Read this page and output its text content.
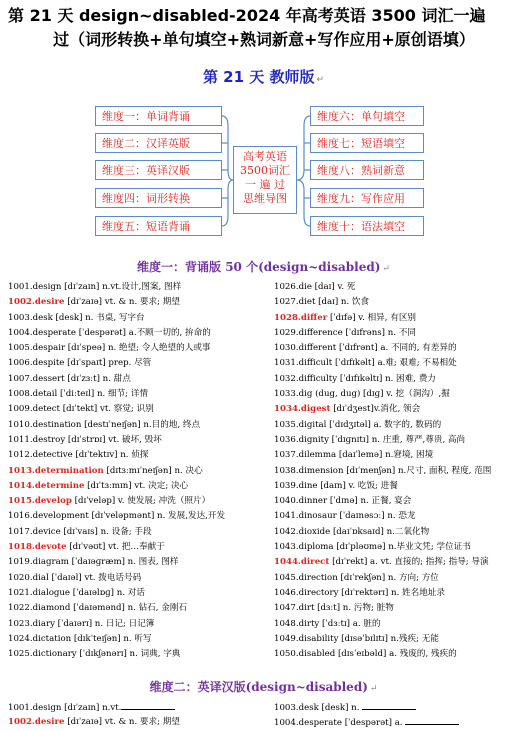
第 21 天 design~disabled-2024 年高考英语 3500 词汇一遍
过（词形转换+单句填空+熟词新意+写作应用+原创语填）
第 21 天 教师版 ↵
维度一：单词背诵
维度二：汉译英版
维度三：英译汉版
维度四：词形转换
维度五：短语背诵
高考英语
3500词汇
一 遍 过
思维导图
维度六：单句填空
维度七：短语填空
维度八：熟词新意
维度九：写作应用
维度十：语法填空
维度一：背诵版 50 个(design~disabled) ↵
1001.design [dɪˈzaɪn] n.vt.设计,图案, 图样
1002.desire [dɪˈzaɪə] vt. & n. 要求; 期望
1003.desk [desk] n. 书桌, 写字台
1004.desperate [ˈdespərət] a.不顾一切的, 拚命的
1005.despair [dɪˈspeə] n. 绝望; 令人绝望的人或事
1006.despite [dɪˈspaɪt] prep. 尽管
1007.dessert [dɪˈzɜːt] n. 甜点
1008.detail [ˈdiːteɪl] n. 细节; 详情
1009.detect [dɪˈtekt] vt. 察觉; 识别
1010.destination [destɪˈneɪʃən] n.目的地, 终点
1011.destroy [dɪˈstrɒɪ] vt. 破坏, 毁坏
1012.detective [dɪˈtektɪv] n. 侦探
1013.determination [dɪtɜːmɪˈneɪʃən] n. 决心
1014.determine [dɪˈtɜːmɪn] vt. 决定; 决心
1015.develop [dɪˈveləp] v. 使发展; 冲洗（照片）
1016.development [dɪˈveləpmənt] n. 发展,发达,开发
1017.device [dɪˈvaɪs] n. 设备; 手段
1018.devote [dɪˈvəʊt] vt. 把…奉献于
1019.diagram [ˈdaɪəɡræm] n. 图表, 图样
1020.dial [ˈdaɪəl] vt. 拨电话号码
1021.dialogue [ˈdaɪəlɒɡ] n. 对话
1022.diamond [ˈdaɪəmənd] n. 钻石, 金刚石
1023.diary [ˈdaɪərɪ] n. 日记; 日记簿
1024.dictation [dɪkˈteɪʃən] n. 听写
1025.dictionary [ˈdɪkʃənərɪ] n. 词典, 字典
1026.die [daɪ] v. 死
1027.diet [daɪ] n. 饮食
1028.differ [ˈdɪfə] v. 相异, 有区别
1029.difference [ˈdɪfrəns] n. 不同
1030.different [ˈdɪfrənt] a. 不同的, 有差异的
1031.difficult [ˈdɪfɪkəlt] a.难; 艰难; 不易相处
1032.difficulty [ˈdɪfɪkəltɪ] n. 困难, 费力
1033.dig (dug, dug) [dɪɡ] v. 挖（洞沟）,掘
1034.digest [dɪˈdʒest]v.消化, 领会
1035.digital [ˈdɪdʒɪtəl] a. 数字的, 数码的
1036.dignity [ˈdɪɡnɪtɪ] n. 庄重, 尊严,尊贵, 高尚
1037.dilemma [daɪˈlemə] n.窘境, 困境
1038.dimension [dɪˈmenʃən] n.尺寸, 面积, 程度, 范围
1039.dine [daɪn] v. 吃饭; 进餐
1040.dinner [ˈdɪnə] n. 正餐, 宴会
1041.dinosaur [ˈdaɪnəsɔː] n. 恐龙
1042.dioxide [daɪˈɒksaɪd] n.二氧化物
1043.diploma [dɪˈpləʊmə] n.毕业文凭; 学位证书
1044.direct [dɪˈrekt] a. vt. 直接的; 指挥; 指导; 导演
1045.direction [dɪˈrekʃən] n. 方向; 方位
1046.directory [dɪˈrektərɪ] n. 姓名地址录
1047.dirt [dɜːt] n. 污物; 脏物
1048.dirty [ˈdɜːtɪ] a. 脏的
1049.disability [dɪsəˈbɪlɪtɪ] n.残疾; 无能
1050.disabled [dɪsˈeɪbəld] a. 残废的, 残疾的
维度二：英译汉版(design~disabled) ↵
1001.design [dɪˈzaɪn] n.vt.
1002.desire [dɪˈzaɪə] vt. & n. 要求; 期望
1003.desk [desk] n.
1004.desperate [ˈdespərət] a.
